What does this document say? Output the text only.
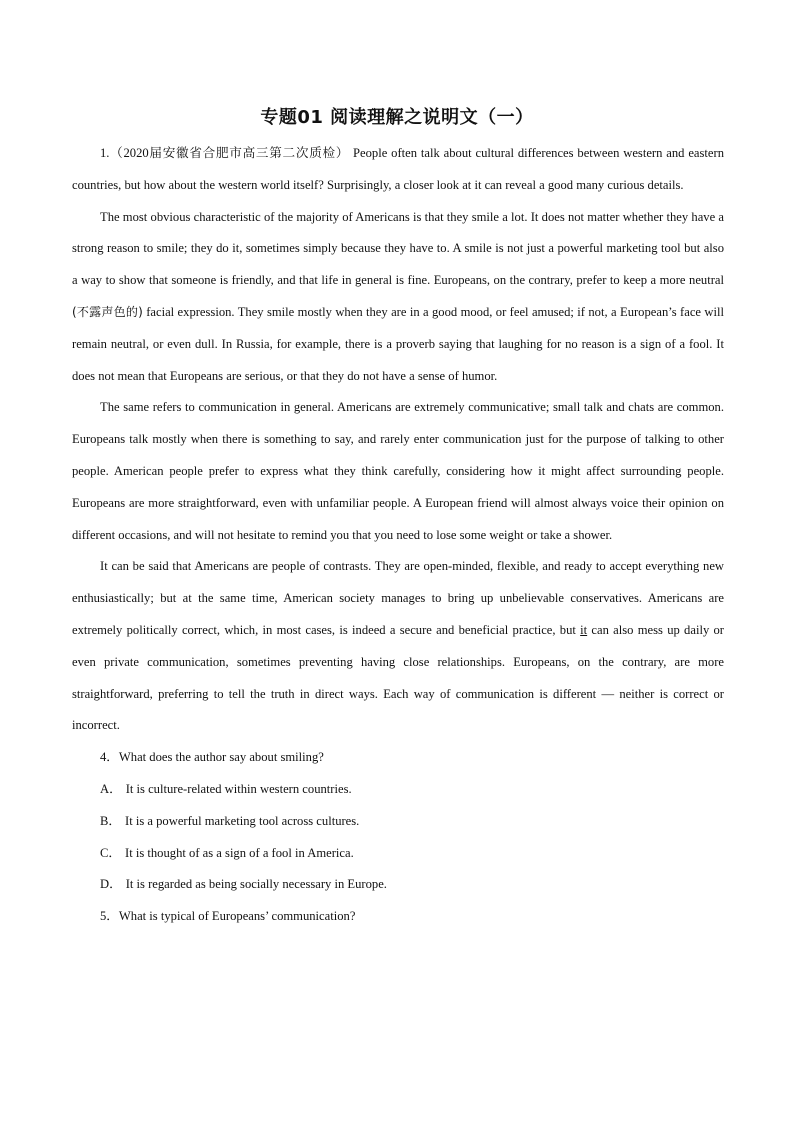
专题01 阅读理解之说明文（一）

1.（2020届安徽省合肥市高三第二次质检） People often talk about cultural differences between western and eastern countries, but how about the western world itself? Surprisingly, a closer look at it can reveal a good many curious details.

The most obvious characteristic of the majority of Americans is that they smile a lot. It does not matter whether they have a strong reason to smile; they do it, sometimes simply because they have to. A smile is not just a powerful marketing tool but also a way to show that someone is friendly, and that life in general is fine. Europeans, on the contrary, prefer to keep a more neutral (不露声色的) facial expression. They smile mostly when they are in a good mood, or feel amused; if not, a European’s face will remain neutral, or even dull. In Russia, for example, there is a proverb saying that laughing for no reason is a sign of a fool. It does not mean that Europeans are serious, or that they do not have a sense of humor.

The same refers to communication in general. Americans are extremely communicative; small talk and chats are common. Europeans talk mostly when there is something to say, and rarely enter communication just for the purpose of talking to other people. American people prefer to express what they think carefully, considering how it might affect surrounding people. Europeans are more straightforward, even with unfamiliar people. A European friend will almost always voice their opinion on different occasions, and will not hesitate to remind you that you need to lose some weight or take a shower.

It can be said that Americans are people of contrasts. They are open-minded, flexible, and ready to accept everything new enthusiastically; but at the same time, American society manages to bring up unbelievable conservatives. Americans are extremely politically correct, which, in most cases, is indeed a secure and beneficial practice, but it can also mess up daily or even private communication, sometimes preventing having close relationships. Europeans, on the contrary, are more straightforward, preferring to tell the truth in direct ways. Each way of communication is different — neither is correct or incorrect.

4．What does the author say about smiling?

A． It is culture-related within western countries.

B． It is a powerful marketing tool across cultures.

C． It is thought of as a sign of a fool in America.

D． It is regarded as being socially necessary in Europe.

5．What is typical of Europeans’ communication?
